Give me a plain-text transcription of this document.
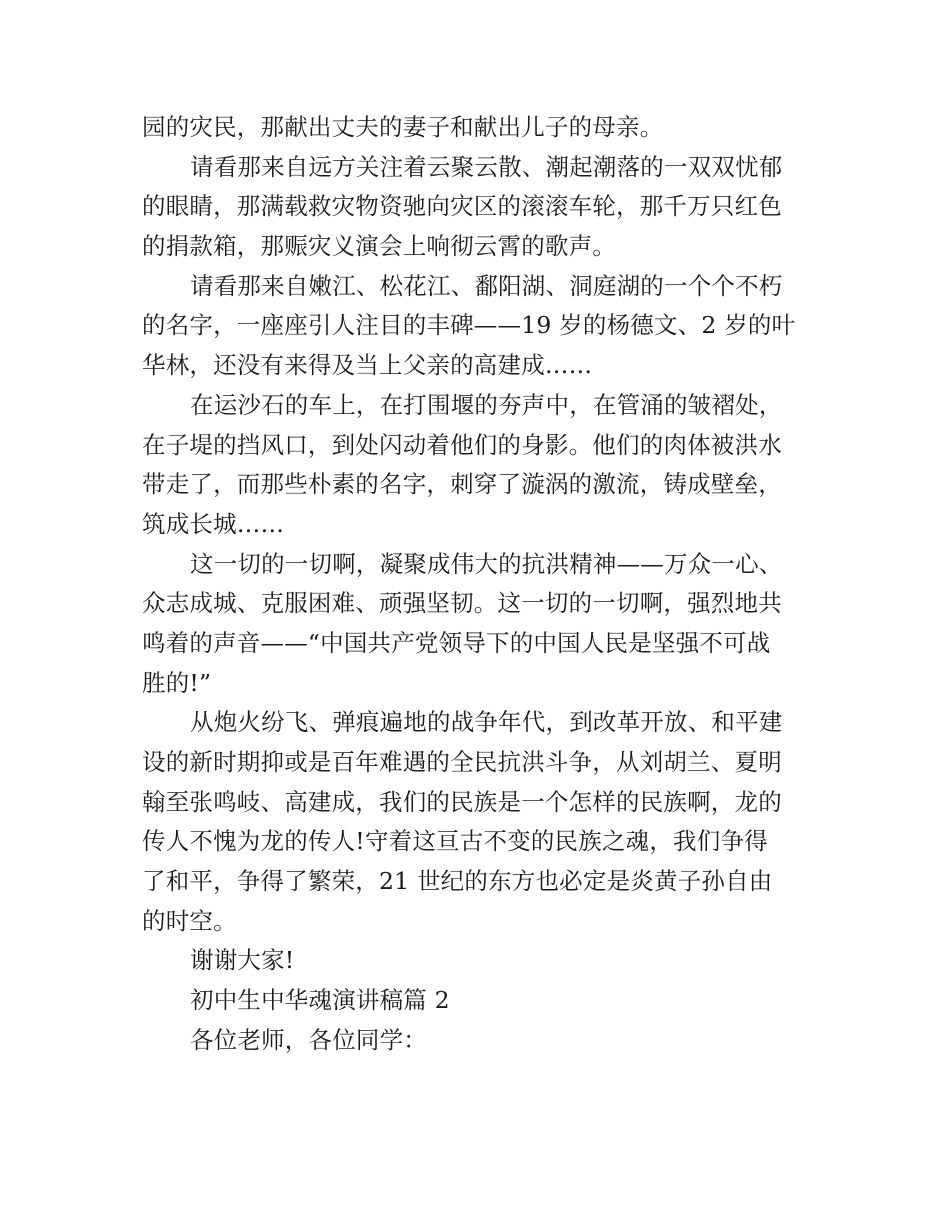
园的灾民，那献出丈夫的妻子和献出儿子的母亲。
请看那来自远方关注着云聚云散、潮起潮落的一双双忧郁
的眼睛，那满载救灾物资驰向灾区的滚滚车轮，那千万只红色
的捐款箱，那赈灾义演会上响彻云霄的歌声。
请看那来自嫩江、松花江、鄱阳湖、洞庭湖的一个个不朽
的名字，一座座引人注目的丰碑——19 岁的杨德文、2 岁的叶
华林，还没有来得及当上父亲的高建成……
在运沙石的车上，在打围堰的夯声中，在管涌的皱褶处，
在子堤的挡风口，到处闪动着他们的身影。他们的肉体被洪水
带走了，而那些朴素的名字，刺穿了漩涡的激流，铸成壁垒，
筑成长城……
这一切的一切啊，凝聚成伟大的抗洪精神——万众一心、
众志成城、克服困难、顽强坚韧。这一切的一切啊，强烈地共
鸣着的声音——“中国共产党领导下的中国人民是坚强不可战
胜的!”
从炮火纷飞、弹痕遍地的战争年代，到改革开放、和平建
设的新时期抑或是百年难遇的全民抗洪斗争，从刘胡兰、夏明
翰至张鸣岐、高建成，我们的民族是一个怎样的民族啊，龙的
传人不愧为龙的传人!守着这亘古不变的民族之魂，我们争得
了和平，争得了繁荣，21 世纪的东方也必定是炎黄子孙自由
的时空。
谢谢大家!
初中生中华魂演讲稿篇 2
各位老师，各位同学：
